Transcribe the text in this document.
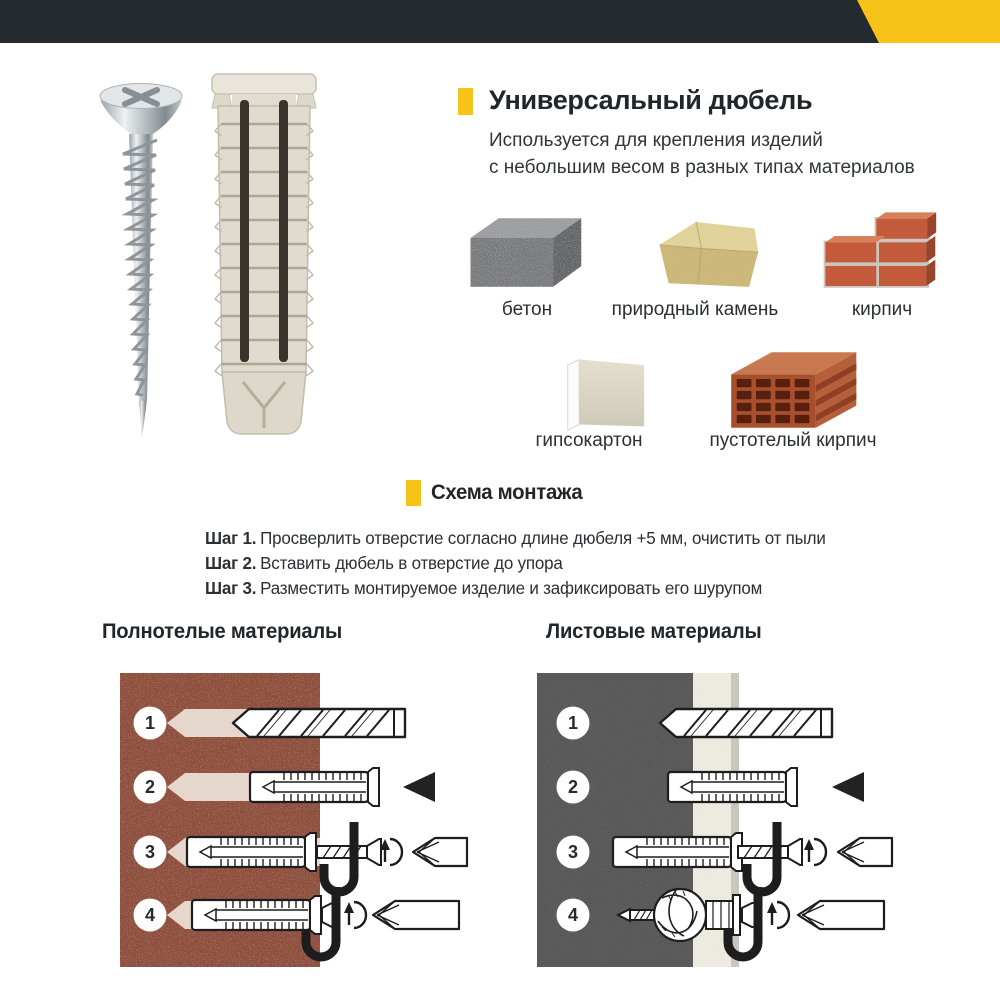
Универсальный дюбель
Используется для крепления изделий
с небольшим весом в разных типах материалов
бетон	природный камень	кирпич
гипсокартон	пустотелый кирпич
Схема монтажа
Шаг 1. Просверлить отверстие согласно длине дюбеля +5 мм, очистить от пыли
Шаг 2. Вставить дюбель в отверстие до упора
Шаг 3. Разместить монтируемое изделие и зафиксировать его шурупом
Полнотелые материалы	Листовые материалы
1
2
3
4
1
2
3
4
